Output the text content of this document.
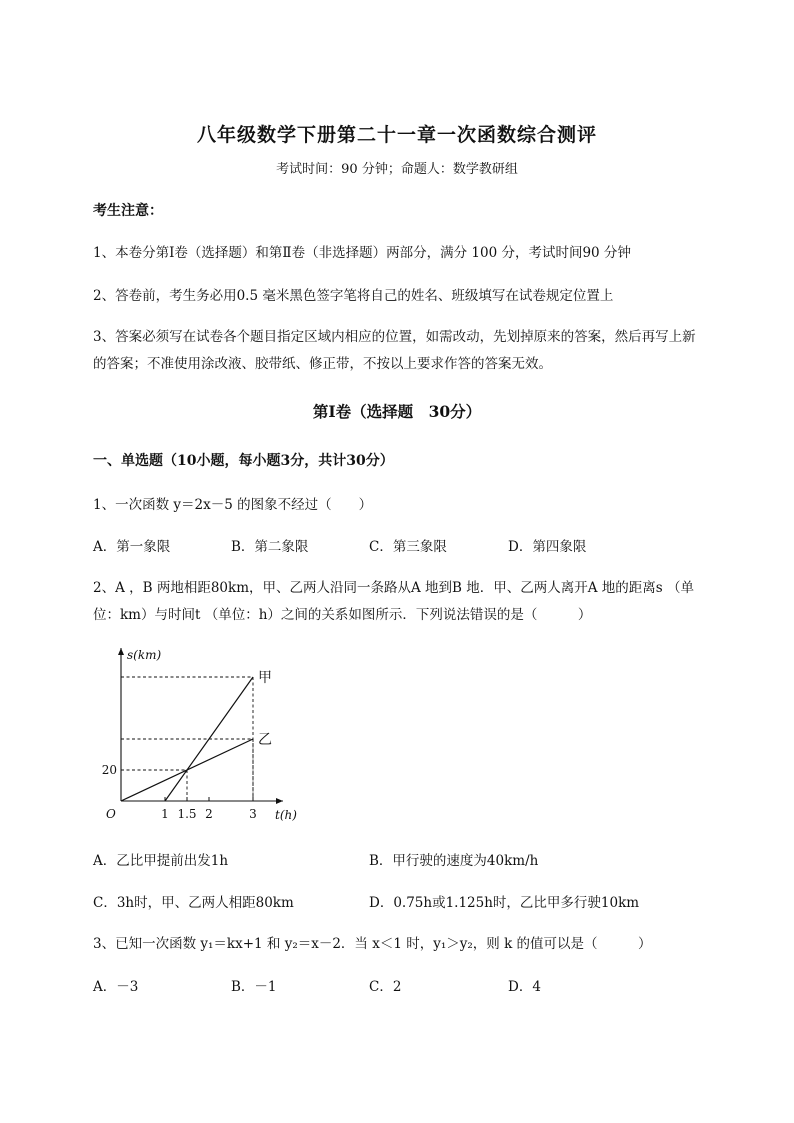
八年级数学下册第二十一章一次函数综合测评
考试时间：90 分钟；命题人：数学教研组
考生注意：
1、本卷分第Ⅰ卷（选择题）和第Ⅱ卷（非选择题）两部分，满分 100 分，考试时间90 分钟
2、答卷前，考生务必用0.5 毫米黑色签字笔将自己的姓名、班级填写在试卷规定位置上
3、答案必须写在试卷各个题目指定区域内相应的位置，如需改动，先划掉原来的答案，然后再写上新
的答案；不准使用涂改液、胶带纸、修正带，不按以上要求作答的答案无效。
第Ⅰ卷（选择题　30分）
一、单选题（10小题，每小题3分，共计30分）
1、一次函数 y＝2x－5 的图象不经过（　　）
A．第一象限	B．第二象限	C．第三象限	D．第四象限
2、A ，B 两地相距80km，甲、乙两人沿同一条路从A 地到B 地．甲、乙两人离开A 地的距离s （单
位：km）与时间t （单位：h）之间的关系如图所示．下列说法错误的是（　　　）
s(km)
t(h)
O
甲
乙
1 1.5 2	3
20
A．乙比甲提前出发1h	B．甲行驶的速度为40km/h
C．3h时，甲、乙两人相距80km	D．0.75h或1.125h时，乙比甲多行驶10km
3、已知一次函数 y₁＝kx+1 和 y₂＝x－2．当 x＜1 时，y₁＞y₂，则 k 的值可以是（　　　）
A．－3	B．－1	C．2	D．4
